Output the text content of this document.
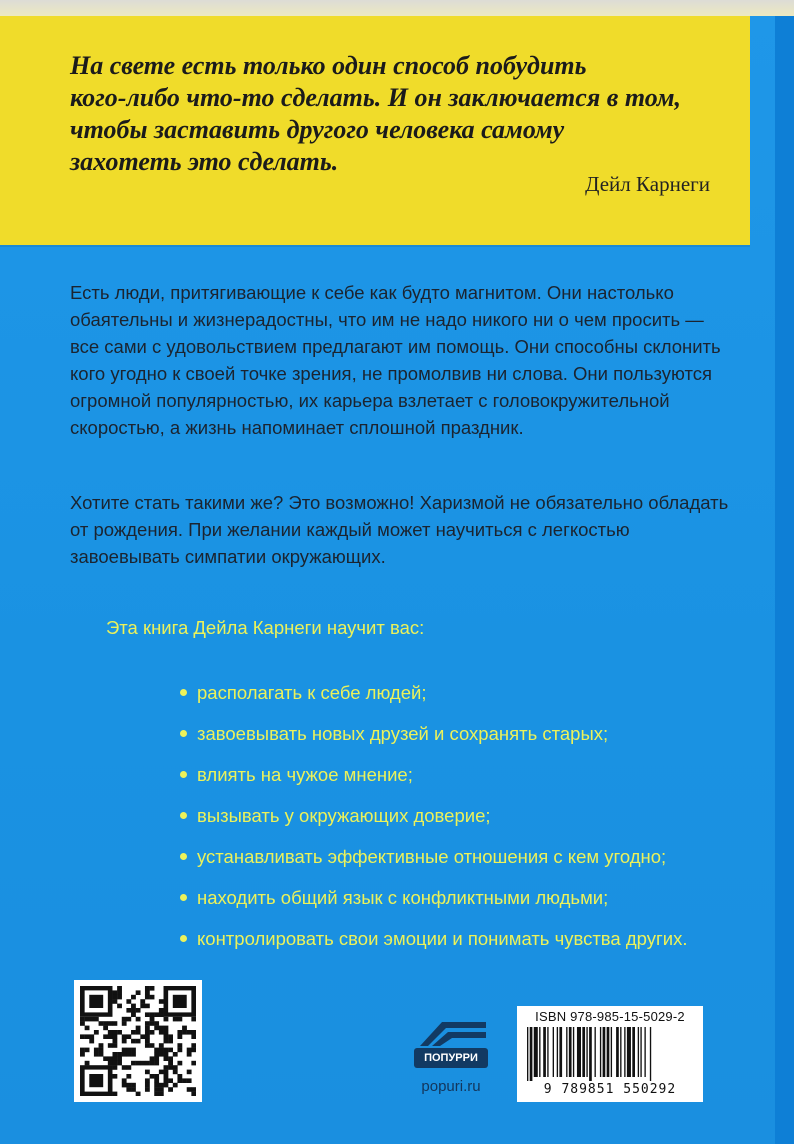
На свете есть только один способ побудить
кого-либо что-то сделать. И он заключается в том,
чтобы заставить другого человека самому
захотеть это сделать.

Дейл Карнеги

Есть люди, притягивающие к себе как будто магнитом. Они настолько
обаятельны и жизнерадостны, что им не надо никого ни о чем просить —
все сами с удовольствием предлагают им помощь. Они способны склонить
кого угодно к своей точке зрения, не промолвив ни слова. Они пользуются
огромной популярностью, их карьера взлетает с головокружительной
скоростью, а жизнь напоминает сплошной праздник.

Хотите стать такими же? Это возможно! Харизмой не обязательно обладать
от рождения. При желании каждый может научиться с легкостью
завоевывать симпатии окружающих.

Эта книга Дейла Карнеги научит вас:
располагать к себе людей;
завоевывать новых друзей и сохранять старых;
влиять на чужое мнение;
вызывать у окружающих доверие;
устанавливать эффективные отношения с кем угодно;
находить общий язык с конфликтными людьми;
контролировать свои эмоции и понимать чувства других.
ПОПУРРИ
popuri.ru
ISBN 978-985-15-5029-2
9 789851 550292
